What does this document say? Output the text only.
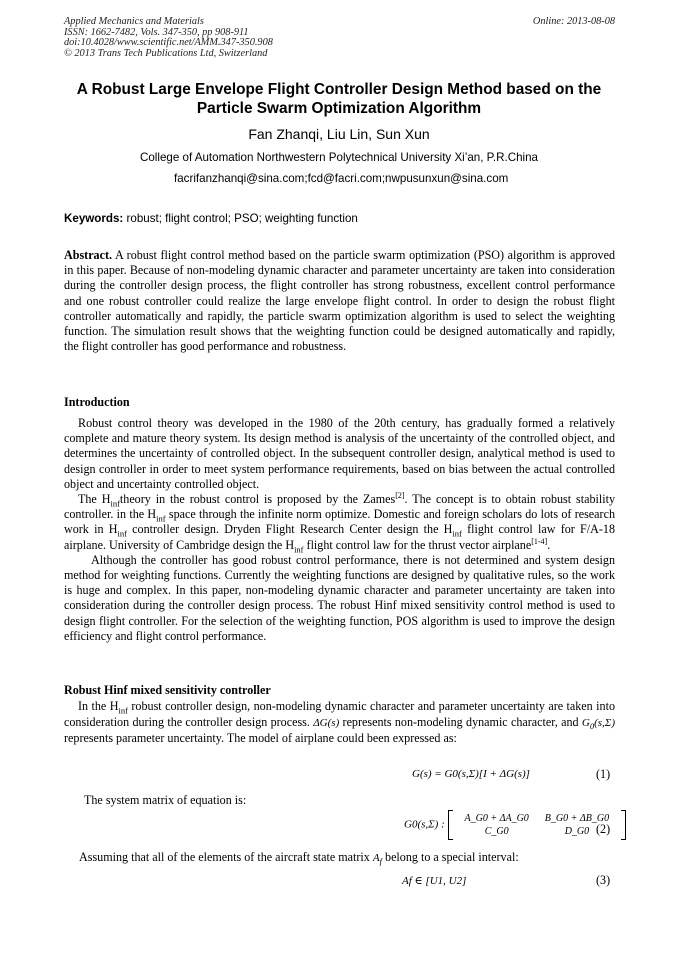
Applied Mechanics and Materials
ISSN: 1662-7482, Vols. 347-350, pp 908-911
doi:10.4028/www.scientific.net/AMM.347-350.908
© 2013 Trans Tech Publications Ltd, Switzerland
Online: 2013-08-08
A Robust Large Envelope Flight Controller Design Method based on the
Particle Swarm Optimization Algorithm
Fan Zhanqi, Liu Lin, Sun Xun
College of Automation Northwestern Polytechnical University Xi’an, P.R.China
facrifanzhanqi@sina.com;fcd@facri.com;nwpusunxun@sina.com
Keywords: robust; flight control; PSO; weighting function
Abstract. A robust flight control method based on the particle swarm optimization (PSO) algorithm is approved in this paper. Because of non-modeling dynamic character and parameter uncertainty are taken into consideration during the controller design process, the flight controller has strong robustness, excellent control performance and one robust controller could realize the large envelope flight control. In order to design the robust flight controller automatically and rapidly, the particle swarm optimization algorithm is used to select the weighting function. The simulation result shows that the weighting function could be designed automatically and rapidly, the flight controller has good performance and robustness.
Introduction
Robust control theory was developed in the 1980 of the 20th century, has gradually formed a relatively complete and mature theory system. Its design method is analysis of the uncertainty of the controlled object, and determines the uncertainty of controlled object. In the subsequent controller design, analytical method is used to design controller in order to meet system performance requirements, based on bias between the actual controlled object and uncertainty controlled object.
The $H_{inf}theory$ in the robust control is proposed by the Zames[2]. The concept is to obtain robust stability controller. in the $H_{inf}$ space through the infinite norm optimize. Domestic and foreign scholars do lots of research work in $H_{inf}$ controller design. Dryden Flight Research Center design the $H_{inf}$ flight control law for F/A-18 airplane. University of Cambridge design the $H_{inf}$ flight control law for the thrust vector airplane[1-4].
Although the controller has good robust control performance, there is not determined and system design method for weighting functions. Currently the weighting functions are designed by qualitative rules, so the work is huge and complex. In this paper, non-modeling dynamic character and parameter uncertainty are taken into consideration during the controller design process. The robust Hinf mixed sensitivity control method is used to design flight controller. For the selection of the weighting function, POS algorithm is used to improve the design efficiency and flight control performance.
Robust Hinf mixed sensitivity controller
In the $H_{inf}$ robust controller design, non-modeling dynamic character and parameter uncertainty are taken into consideration during the controller design process. ΔG(s) represents non-modeling dynamic character, and $G_0(s,\Sigma)$ represents parameter uncertainty. The model of airplane could been expressed as:
G(s) = G0(s,Σ)[I + ΔG(s)]	(1)
The system matrix of equation is:
G0(s,Σ) :
A_G0 + ΔA_G0	B_G0 + ΔB_G0
C_G0	D_G0 (2)
Assuming that all of the elements of the aircraft state matrix $A_f$ belong to a special interval:
Af ∈ [U1, U2]	(3)
